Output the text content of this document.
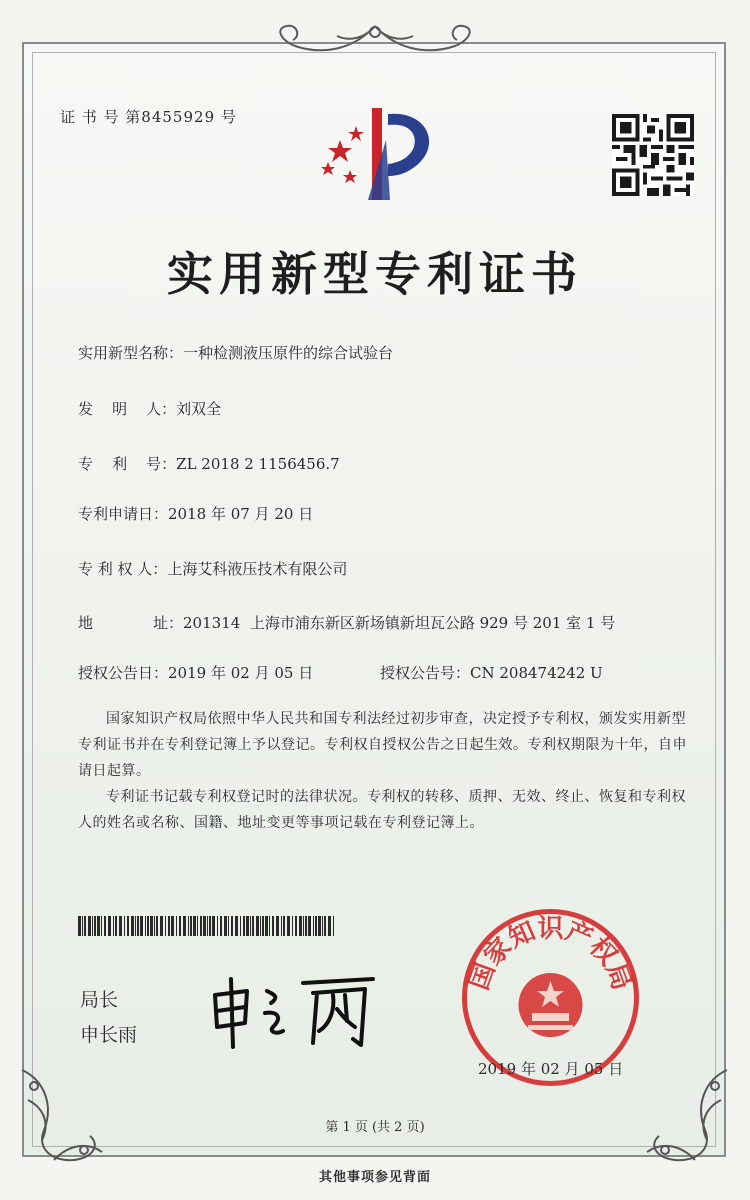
证 书 号 第8455929 号
实用新型专利证书
实用新型名称：一种检测液压原件的综合试验台
发    明    人：刘双全
专    利    号：ZL 2018 2 1156456.7
专利申请日：2018 年 07 月 20 日
专 利 权 人：上海艾科液压技术有限公司
地	址：201314  上海市浦东新区新场镇新坦瓦公路 929 号 201 室 1 号
授权公告日：2019 年 02 月 05 日	授权公告号：CN 208474242 U
国家知识产权局依照中华人民共和国专利法经过初步审查，决定授予专利权，颁发实用新型专利证书并在专利登记簿上予以登记。专利权自授权公告之日起生效。专利权期限为十年，自申请日起算。
专利证书记载专利权登记时的法律状况。专利权的转移、质押、无效、终止、恢复和专利权人的姓名或名称、国籍、地址变更等事项记载在专利登记簿上。
局长
申长雨
国家知识产权局
2019 年 02 月 05 日
第 1 页 (共 2 页)
其他事项参见背面
